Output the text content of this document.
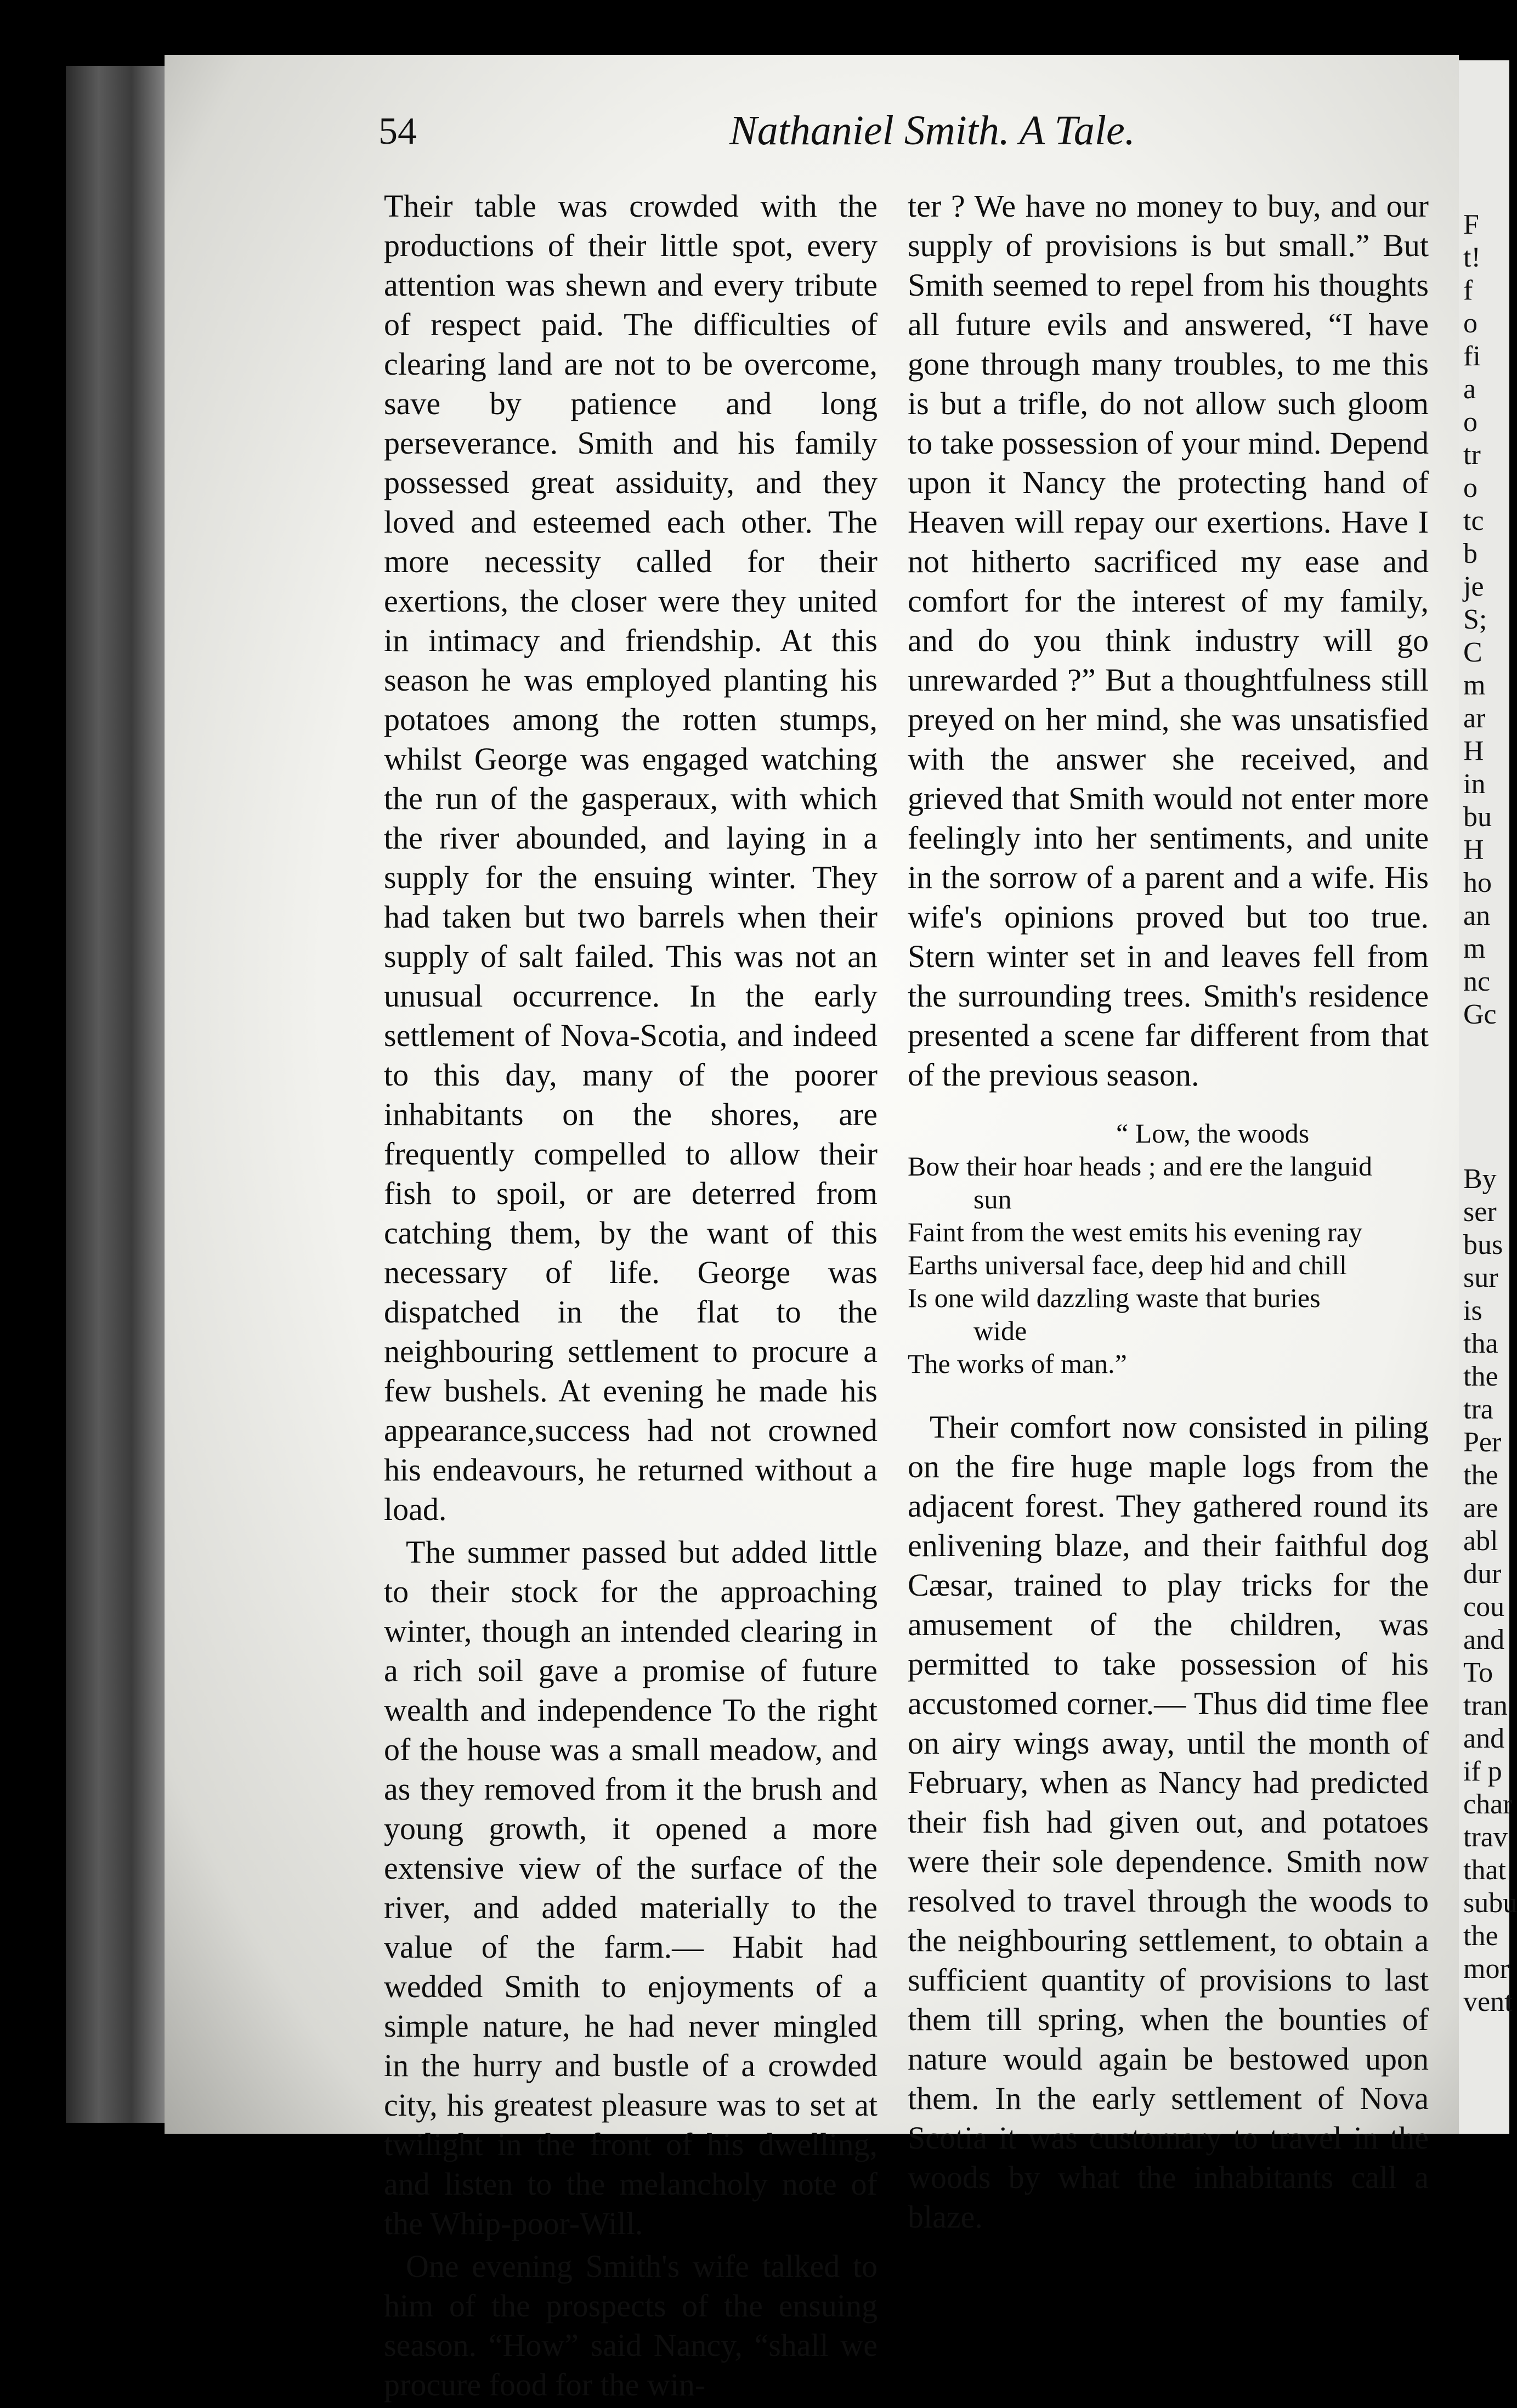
54	Nathaniel Smith. A Tale.

Their table was crowded with the productions of their little spot, every attention was shewn and every tribute of respect paid. The difficulties of clearing land are not to be overcome, save by patience and long perseverance. Smith and his family possessed great assiduity, and they loved and esteemed each other. The more necessity called for their exertions, the closer were they united in intimacy and friendship. At this season he was employed planting his potatoes among the rotten stumps, whilst George was engaged watching the run of the gasperaux, with which the river abounded, and laying in a supply for the ensuing winter. They had taken but two barrels when their supply of salt failed. This was not an unusual occurrence. In the early settlement of Nova-Scotia, and indeed to this day, many of the poorer inhabitants on the shores, are frequently compelled to allow their fish to spoil, or are deterred from catching them, by the want of this necessary of life. George was dispatched in the flat to the neighbouring settlement to procure a few bushels. At evening he made his appearance,success had not crowned his endeavours, he returned without a load.

The summer passed but added little to their stock for the approaching winter, though an intended clearing in a rich soil gave a promise of future wealth and independence To the right of the house was a small meadow, and as they removed from it the brush and young growth, it opened a more extensive view of the surface of the river, and added materially to the value of the farm.— Habit had wedded Smith to enjoyments of a simple nature, he had never mingled in the hurry and bustle of a crowded city, his greatest pleasure was to set at twilight in the front of his dwelling, and listen to the melancholy note of the Whip-poor-Will.

One evening Smith's wife talked to him of the prospects of the ensuing season. “How” said Nancy, “shall we procure food for the win-

ter ? We have no money to buy, and our supply of provisions is but small.” But Smith seemed to repel from his thoughts all future evils and answered, “I have gone through many troubles, to me this is but a trifle, do not allow such gloom to take possession of your mind. Depend upon it Nancy the protecting hand of Heaven will repay our exertions. Have I not hitherto sacrificed my ease and comfort for the interest of my family, and do you think industry will go unrewarded ?” But a thoughtfulness still preyed on her mind, she was unsatisfied with the answer she received, and grieved that Smith would not enter more feelingly into her sentiments, and unite in the sorrow of a parent and a wife. His wife's opinions proved but too true. Stern winter set in and leaves fell from the surrounding trees. Smith's residence presented a scene far different from that of the previous season.

“ Low, the woods
Bow their hoar heads ; and ere the languid
sun
Faint from the west emits his evening ray
Earths universal face, deep hid and chill
Is one wild dazzling waste that buries
wide
The works of man.”

Their comfort now consisted in piling on the fire huge maple logs from the adjacent forest. They gathered round its enlivening blaze, and their faithful dog Cæsar, trained to play tricks for the amusement of the children, was permitted to take possession of his accustomed corner.— Thus did time flee on airy wings away, until the month of February, when as Nancy had predicted their fish had given out, and potatoes were their sole dependence. Smith now resolved to travel through the woods to the neighbouring settlement, to obtain a sufficient quantity of provisions to last them till spring, when the bounties of nature would again be bestowed upon them. In the early settlement of Nova Scotia it was customary to travel in the woods by what the inhabitants call a blaze.

F
t!
f
o
fi
a
o
tr
o
tc
b
je
S;
C
m
ar
H
in
bu
H
ho
an
m
nc
Gc
By
ser
bus
sur
is
tha
the
tra
Per
the
are
abl
dur
cou
and
To
tran
and
if p
char
trav
that
subu
the
mor
vent
